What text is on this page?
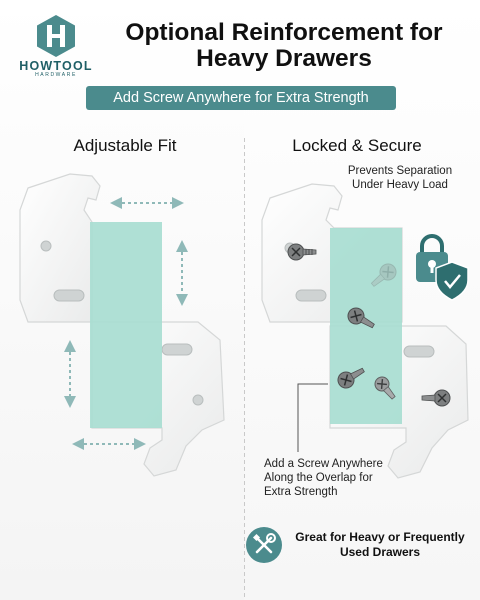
HOWTOOL
HARDWARE
Optional Reinforcement for
Heavy Drawers
Add Screw Anywhere for Extra Strength
Adjustable Fit	Locked & Secure
Prevents Separation
Under Heavy Load
Add a Screw Anywhere
Along the Overlap for
Extra Strength
Great for Heavy or Frequently
Used Drawers
